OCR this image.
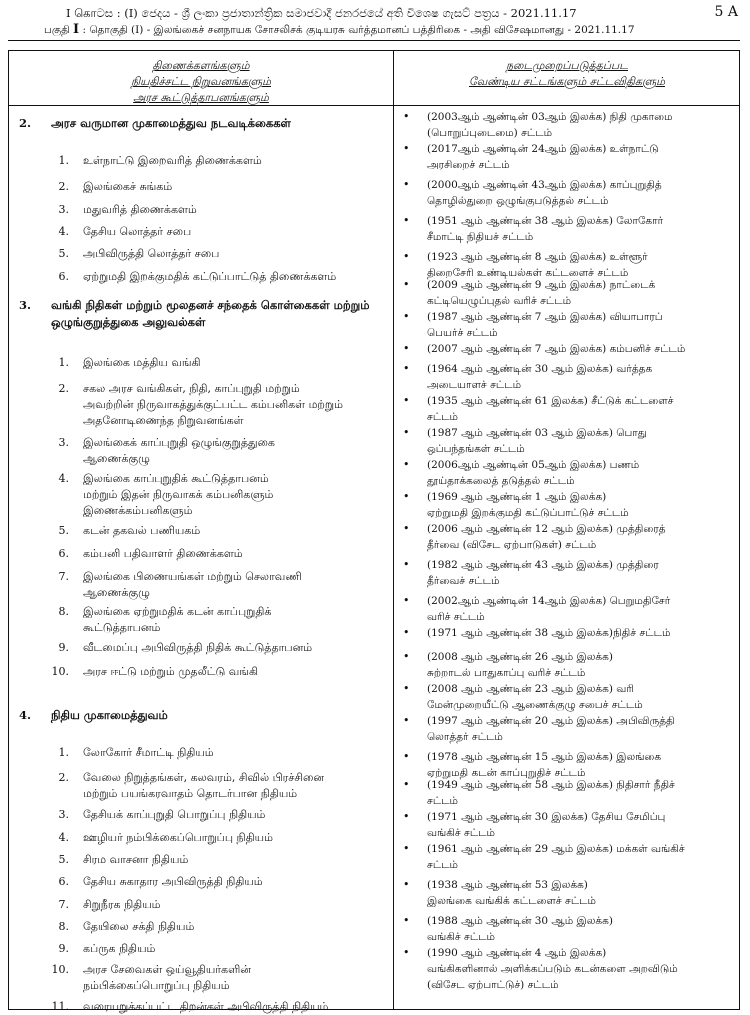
I கொටස : (I) ජෙදය - ශ්‍රී ලංකා ප්‍රජාතාන්ත්‍රික සමාජවාදී ජනරජයේ අති විශෙෂ ගැසට් පත්‍රය - 2021.11.17	5 A
பகுதி I : தொகுதி (I) - இலங்கைச் சனநாயக சோசலிசக் குடியரசு வர்த்தமானப் பத்திரிகை - அதி விசேஷமானது - 2021.11.17
திணைக்களங்களும்
நியதிச்சட்ட நிறுவனங்களும்
அரச கூட்டுத்தாபனங்களும்
நடைமுறைப்படுத்தப்பட
வேண்டிய சட்டங்களும் சட்டவிதிகளும்
2. அரச வருமான முகாமைத்துவ நடவடிக்கைகள்
1. உள்நாட்டு இறைவரித் திணைக்களம்
2. இலங்கைச் சுங்கம்
3. மதுவரித் திணைக்களம்
4. தேசிய லொத்தர் சபை
5. அபிவிருத்தி லொத்தர் சபை
6. ஏற்றுமதி இறக்குமதிக் கட்டுப்பாட்டுத் திணைக்களம்
3. வங்கி நிதிகள் மற்றும் மூலதனச் சந்தைக் கொள்கைகள் மற்றும் ஒழுங்குறுத்துகை அலுவல்கள்
1. இலங்கை மத்திய வங்கி
2. சகல அரச வங்கிகள், நிதி, காப்புறுதி மற்றும்
அவற்றின் நிருவாகத்துக்குட்பட்ட கம்பனிகள் மற்றும்
அதனோடிணைந்த நிறுவனங்கள்
3. இலங்கைக் காப்புறுதி ஒழுங்குறுத்துகை
ஆணைக்குழு
4. இலங்கை காப்புறுதிக் கூட்டுத்தாபனம்
மற்றும் இதன் நிருவாகக் கம்பனிகளும்
இணைக்கம்பனிகளும்
5. கடன் தகவல் பணியகம்
6. கம்பனி பதிவாளர் திணைக்களம்
7. இலங்கை பிணையங்கள் மற்றும் செலாவணி
ஆணைக்குழு
8. இலங்கை ஏற்றுமதிக் கடன் காப்புறுதிக்
கூட்டுத்தாபனம்
9. வீடமைப்பு அபிவிருத்தி நிதிக் கூட்டுத்தாபனம்
10. அரச ஈட்டு மற்றும் முதலீட்டு வங்கி
4. நிதிய முகாமைத்துவம்
1. லோகோர் சீமாட்டி நிதியம்
2. வேலை நிறுத்தங்கள், கலவரம், சிவில் பிரச்சினை
மற்றும் பயங்கரவாதம் தொடர்பான நிதியம்
3. தேசியக் காப்புறுதி பொறுப்பு நிதியம்
4. ஊழியர் நம்பிக்கைப்பொறுப்பு நிதியம்
5. சிரம வாசனா நிதியம்
6. தேசிய சுகாதார அபிவிருத்தி நிதியம்
7. சிறுநீரக நிதியம்
8. தேயிலை சக்தி நிதியம்
9. கப்ருக நிதியம்
10. அரச சேவைகள் ஒய்வூதியர்களின்
நம்பிக்கைப்பொறுப்பு நிதியம்
11. வரையறுக்கப்பட்ட திறன்கள் அபிவிருத்தி நிதியம்
• (2003ஆம் ஆண்டின் 03ஆம் இலக்க) நிதி முகாமை
(பொறுப்புடைமை) சட்டம்
• (2017ஆம் ஆண்டின் 24ஆம் இலக்க) உள்நாட்டு
அரசிறைச் சட்டம்
• (2000ஆம் ஆண்டின் 43ஆம் இலக்க) காப்புறுதித்
தொழில்துறை ஒழுங்குபடுத்தல் சட்டம்
• (1951 ஆம் ஆண்டின் 38 ஆம் இலக்க) லோகோர்
சீமாட்டி நிதியச் சட்டம்
• (1923 ஆம் ஆண்டின் 8 ஆம் இலக்க) உள்ளூர்
திறைசேரி உண்டியல்கள் கட்டளைச் சட்டம்
• (2009 ஆம் ஆண்டின் 9 ஆம் இலக்க) நாட்டைக்
கட்டியெழுப்புதல் வரிச் சட்டம்
• (1987 ஆம் ஆண்டின் 7 ஆம் இலக்க) வியாபாரப்
பெயர்ச் சட்டம்
• (2007 ஆம் ஆண்டின் 7 ஆம் இலக்க) கம்பனிச் சட்டம்
• (1964 ஆம் ஆண்டின் 30 ஆம் இலக்க) வர்த்தக
அடையாளச் சட்டம்
• (1935 ஆம் ஆண்டின் 61 இலக்க) சீட்டுக் கட்டளைச்
சட்டம்
• (1987 ஆம் ஆண்டின் 03 ஆம் இலக்க) பொது
ஒப்பந்தங்கள் சட்டம்
• (2006ஆம் ஆண்டின் 05ஆம் இலக்க) பணம்
தூய்தாக்கலைத் தடுத்தல் சட்டம்
• (1969 ஆம் ஆண்டின் 1 ஆம் இலக்க)
ஏற்றுமதி இறக்குமதி கட்டுப்பாட்டுச் சட்டம்
• (2006 ஆம் ஆண்டின் 12 ஆம் இலக்க) முத்திரைத்
தீர்வை (விசேட ஏற்பாடுகள்) சட்டம்
• (1982 ஆம் ஆண்டின் 43 ஆம் இலக்க) முத்திரை
தீர்வைச் சட்டம்
• (2002ஆம் ஆண்டின் 14ஆம் இலக்க) பெறுமதிசேர்
வரிச் சட்டம்
• (1971 ஆம் ஆண்டின் 38 ஆம் இலக்க)நிதிச் சட்டம்
• (2008 ஆம் ஆண்டின் 26 ஆம் இலக்க)
சுற்றாடல் பாதுகாப்பு வரிச் சட்டம்
• (2008 ஆம் ஆண்டின் 23 ஆம் இலக்க) வரி
மேன்முறையீட்டு ஆணைக்குழு சபைச் சட்டம்
• (1997 ஆம் ஆண்டின் 20 ஆம் இலக்க) அபிவிருத்தி
லொத்தர் சட்டம்
• (1978 ஆம் ஆண்டின் 15 ஆம் இலக்க) இலங்கை
ஏற்றுமதி கடன் காப்புறுதிச் சட்டம்
• (1949 ஆம் ஆண்டின் 58 ஆம் இலக்க) நிதிசார் நீதிச்
சட்டம்
• (1971 ஆம் ஆண்டின் 30 இலக்க) தேசிய சேமிப்பு
வங்கிச் சட்டம்
• (1961 ஆம் ஆண்டின் 29 ஆம் இலக்க) மக்கள் வங்கிச்
சட்டம்
• (1938 ஆம் ஆண்டின் 53 இலக்க)
இலங்கை வங்கிக் கட்டளைச் சட்டம்
• (1988 ஆம் ஆண்டின் 30 ஆம் இலக்க)
வங்கிச் சட்டம்
• (1990 ஆம் ஆண்டின் 4 ஆம் இலக்க)
வங்கிகளினால் அளிக்கப்படும் கடன்களை அறவிடும்
(விசேட ஏற்பாட்டுச்) சட்டம்
